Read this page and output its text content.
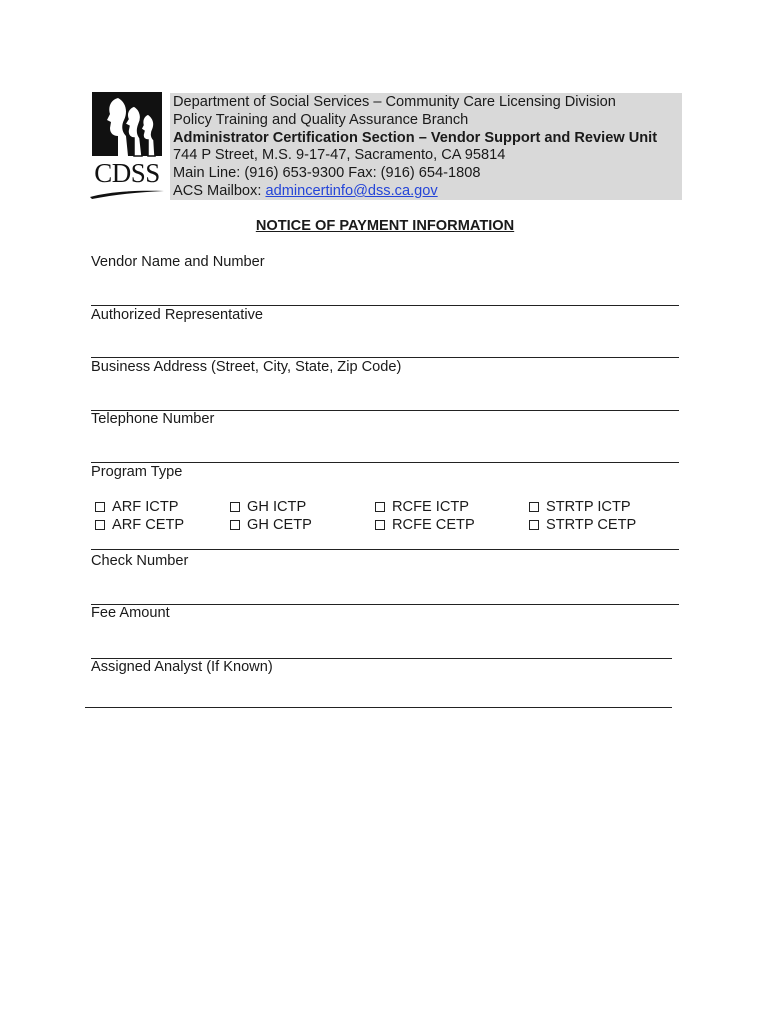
CDSS
Department of Social Services – Community Care Licensing Division
Policy Training and Quality Assurance Branch
Administrator Certification Section – Vendor Support and Review Unit
744 P Street, M.S. 9-17-47, Sacramento, CA 95814
Main Line: (916) 653-9300 Fax: (916) 654-1808
ACS Mailbox: admincertinfo@dss.ca.gov
NOTICE OF PAYMENT INFORMATION
Vendor Name and Number
Authorized Representative
Business Address (Street, City, State, Zip Code)
Telephone Number
Program Type
ARF ICTP
ARF CETP
GH ICTP
GH CETP
RCFE ICTP
RCFE CETP
STRTP ICTP
STRTP CETP
Check Number
Fee Amount
Assigned Analyst (If Known)
